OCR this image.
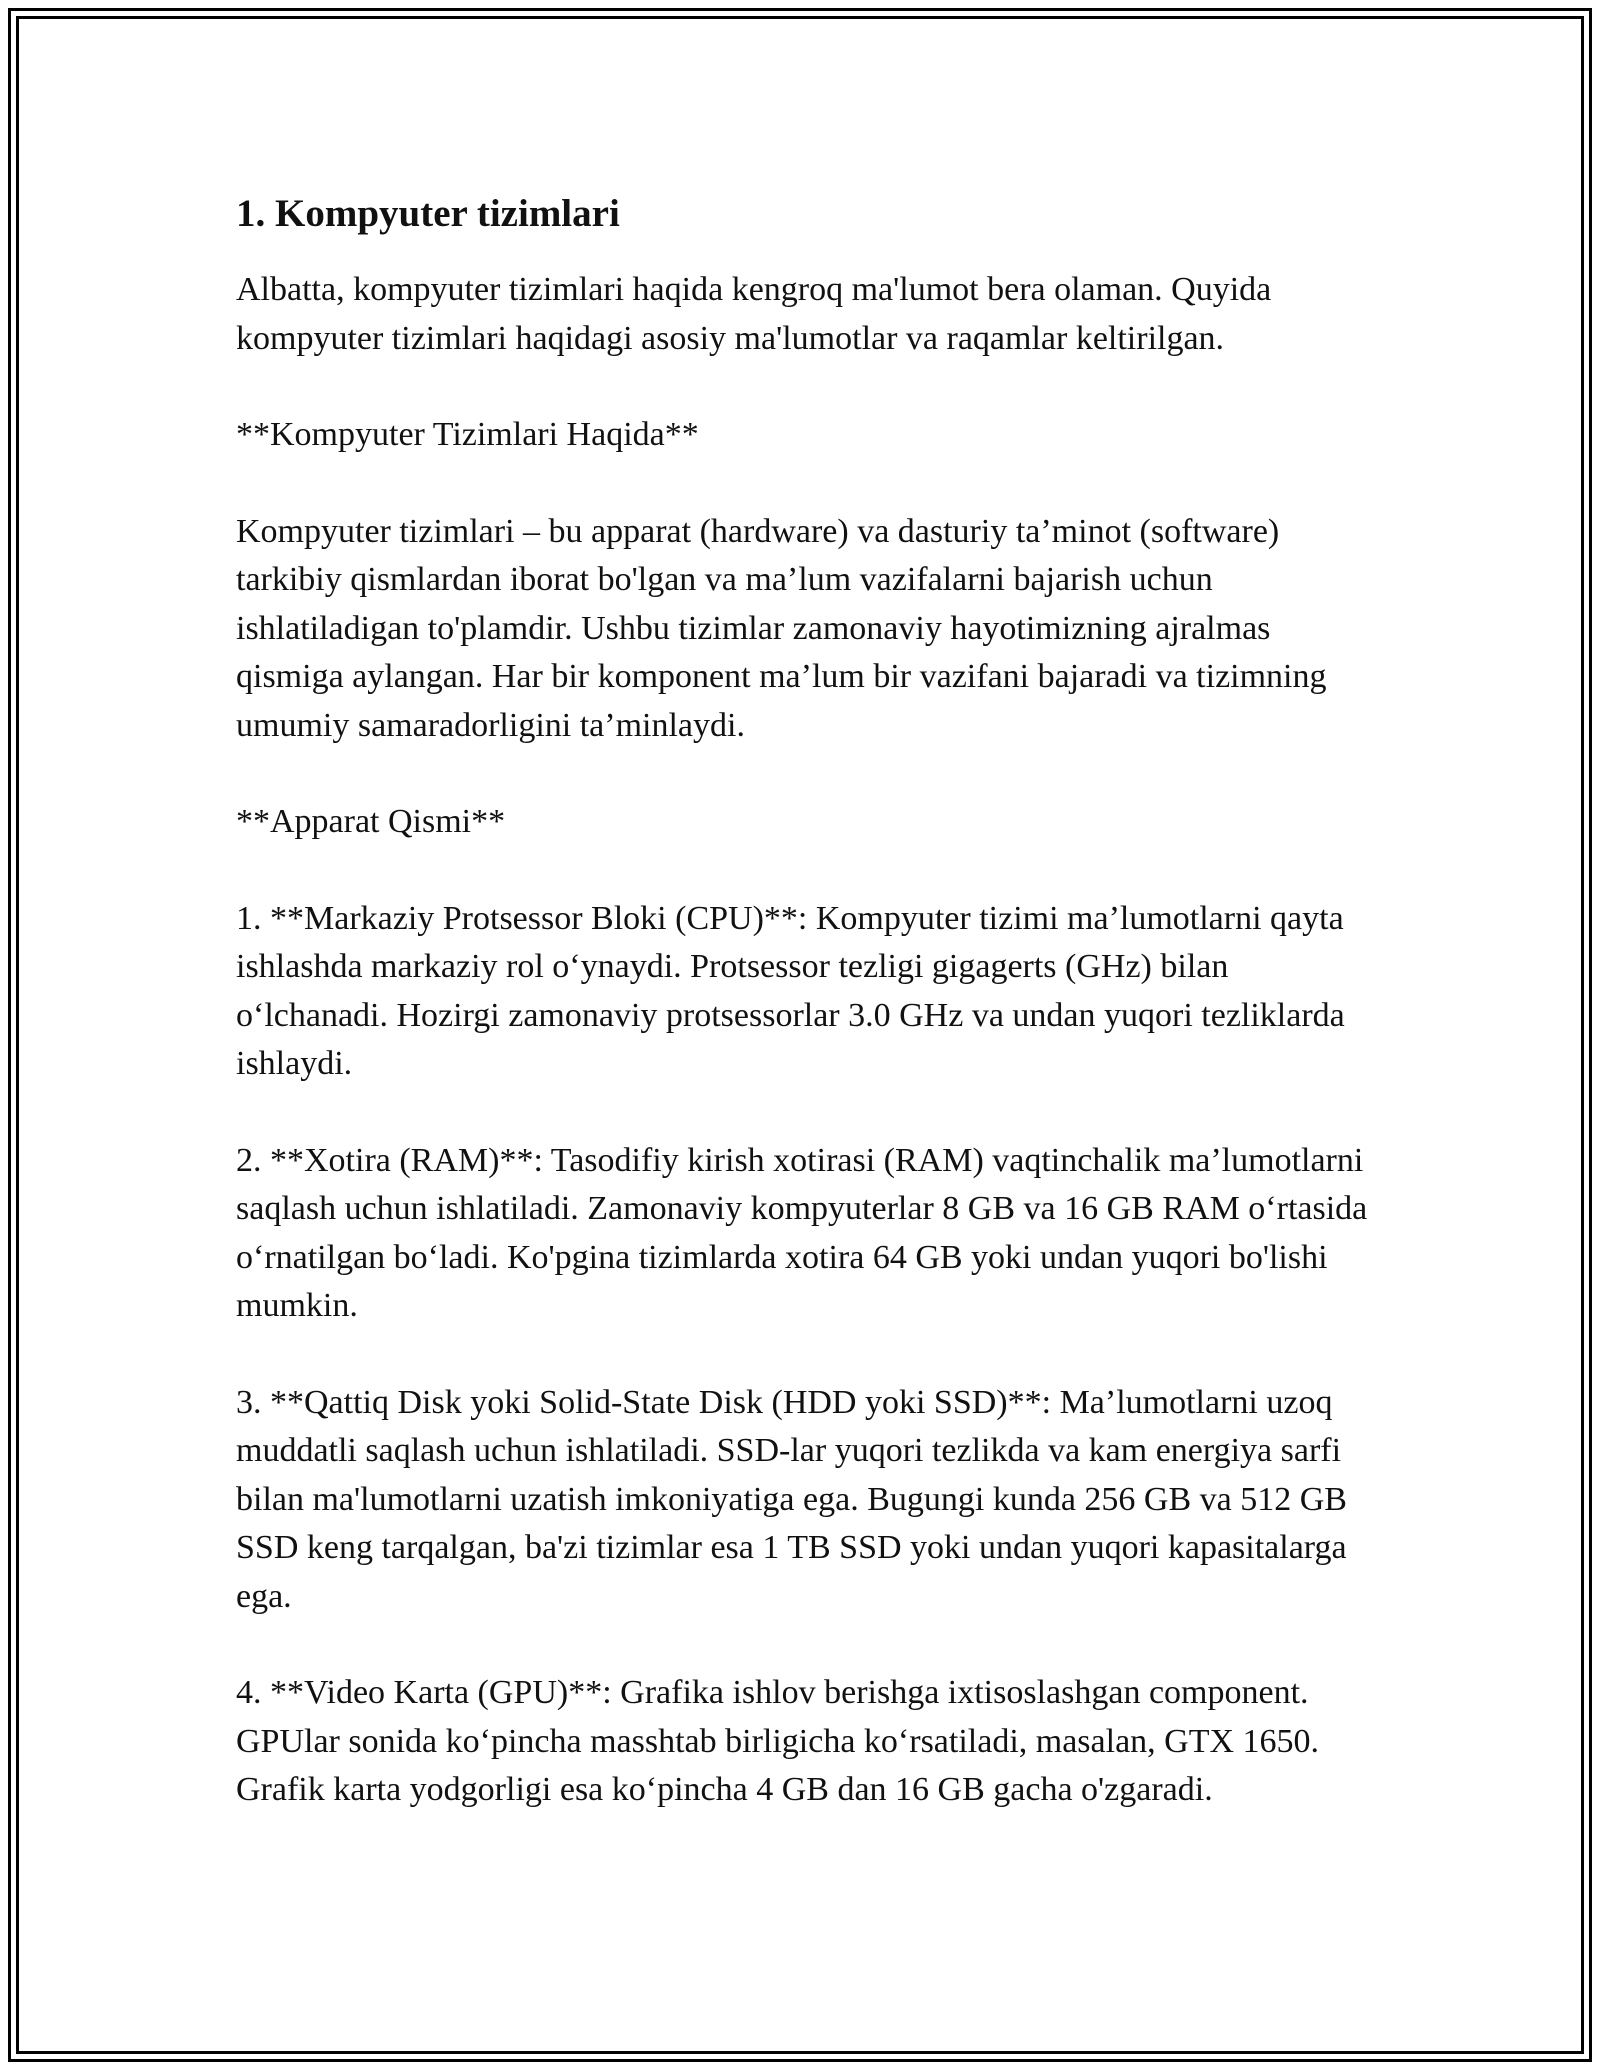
1. Kompyuter tizimlari

Albatta, kompyuter tizimlari haqida kengroq ma'lumot bera olaman. Quyida kompyuter tizimlari haqidagi asosiy ma'lumotlar va raqamlar keltirilgan.

**Kompyuter Tizimlari Haqida**

Kompyuter tizimlari – bu apparat (hardware) va dasturiy ta’minot (software) tarkibiy qismlardan iborat bo'lgan va ma’lum vazifalarni bajarish uchun ishlatiladigan to'plamdir. Ushbu tizimlar zamonaviy hayotimizning ajralmas qismiga aylangan. Har bir komponent ma’lum bir vazifani bajaradi va tizimning umumiy samaradorligini ta’minlaydi.

**Apparat Qismi**

1. **Markaziy Protsessor Bloki (CPU)**: Kompyuter tizimi ma’lumotlarni qayta ishlashda markaziy rol o‘ynaydi. Protsessor tezligi gigagerts (GHz) bilan o‘lchanadi. Hozirgi zamonaviy protsessorlar 3.0 GHz va undan yuqori tezliklarda ishlaydi.

2. **Xotira (RAM)**: Tasodifiy kirish xotirasi (RAM) vaqtinchalik ma’lumotlarni saqlash uchun ishlatiladi. Zamonaviy kompyuterlar 8 GB va 16 GB RAM o‘rtasida o‘rnatilgan bo‘ladi. Ko'pgina tizimlarda xotira 64 GB yoki undan yuqori bo'lishi mumkin.

3. **Qattiq Disk yoki Solid-State Disk (HDD yoki SSD)**: Ma’lumotlarni uzoq muddatli saqlash uchun ishlatiladi. SSD-lar yuqori tezlikda va kam energiya sarfi bilan ma'lumotlarni uzatish imkoniyatiga ega. Bugungi kunda 256 GB va 512 GB SSD keng tarqalgan, ba'zi tizimlar esa 1 TB SSD yoki undan yuqori kapasitalarga ega.

4. **Video Karta (GPU)**: Grafika ishlov berishga ixtisoslashgan component. GPUlar sonida ko‘pincha masshtab birligicha ko‘rsatiladi, masalan, GTX 1650. Grafik karta yodgorligi esa ko‘pincha 4 GB dan 16 GB gacha o'zgaradi.
